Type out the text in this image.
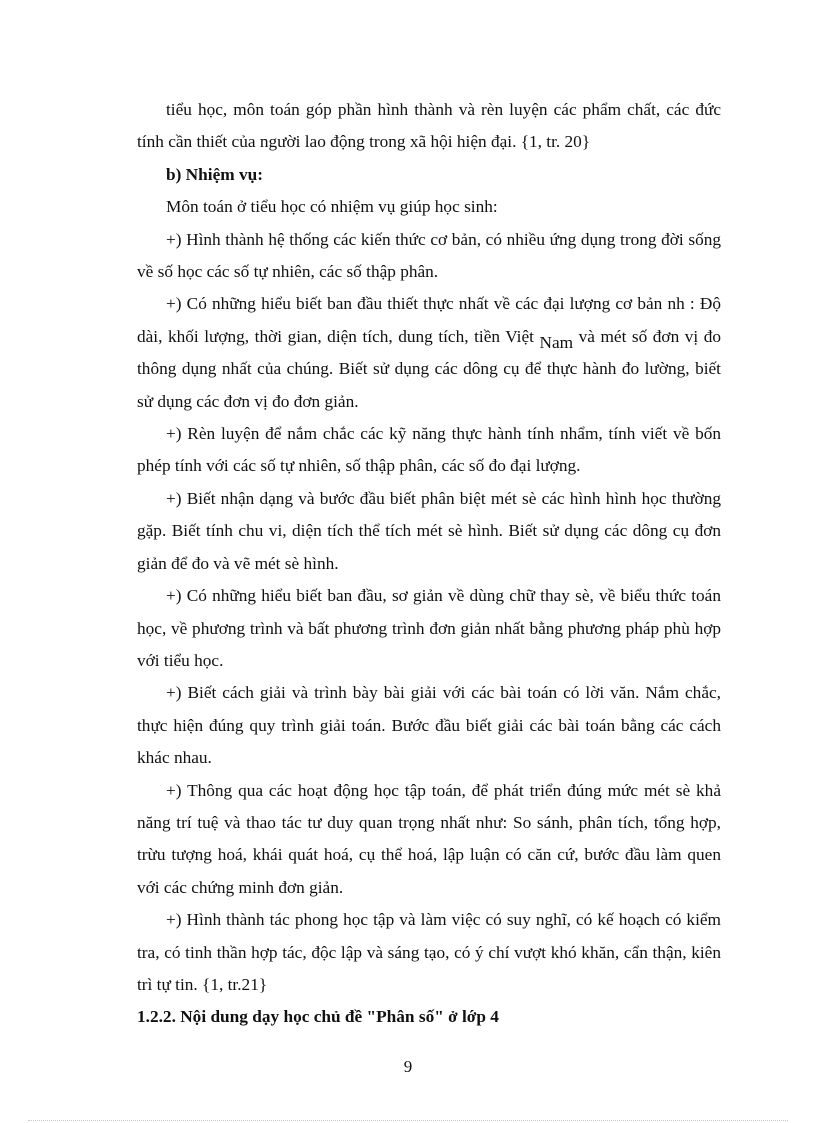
tiểu học, môn toán góp phần hình thành và rèn luyện các phẩm chất, các đức tính cần thiết của người lao động trong xã hội hiện đại. {1, tr. 20}

b) Nhiệm vụ:

Môn toán ở tiểu học có nhiệm vụ giúp học sinh:

+) Hình thành hệ thống các kiến thức cơ bản, có nhiều ứng dụng trong đời sống về số học các số tự nhiên, các số thập phân.

+) Có những hiểu biết ban đầu thiết thực nhất về các đại lượng cơ bản nh : Độ dài, khối lượng, thời gian, diện tích, dung tích, tiền Việt Nam và mét số đơn vị đo thông dụng nhất của chúng. Biết sử dụng các dông cụ để thực hành đo lường, biết sử dụng các đơn vị đo đơn giản.

+) Rèn luyện để nắm chắc các kỹ năng thực hành tính nhẩm, tính viết về bốn phép tính với các số tự nhiên, số thập phân, các số đo đại lượng.

+) Biết nhận dạng và bước đầu biết phân biệt mét sè các hình hình học thường gặp. Biết tính chu vi, diện tích thể tích mét sè hình. Biết sử dụng các dông cụ đơn giản để đo và vẽ mét sè hình.

+) Có những hiểu biết ban đầu, sơ giản về dùng chữ thay sè, về biểu thức toán học, về phương trình và bất phương trình đơn giản nhất bằng phương pháp phù hợp với tiểu học.

+) Biết cách giải và trình bày bài giải với các bài toán có lời văn. Nắm chắc, thực hiện đúng quy trình giải toán. Bước đầu biết giải các bài toán bằng các cách khác nhau.

+) Thông qua các hoạt động học tập toán, để phát triển đúng mức mét sè khả năng trí tuệ và thao tác tư duy quan trọng nhất như: So sánh, phân tích, tổng hợp, trừu tượng hoá, khái quát hoá, cụ thể hoá, lập luận có căn cứ, bước đầu làm quen với các chứng minh đơn giản.

+) Hình thành tác phong học tập và làm việc có suy nghĩ, có kế hoạch có kiểm tra, có tinh thần hợp tác, độc lập và sáng tạo, có ý chí vượt khó khăn, cẩn thận, kiên trì tự tin. {1, tr.21}

1.2.2. Nội dung dạy học chủ đề "Phân số" ở lớp 4

9
